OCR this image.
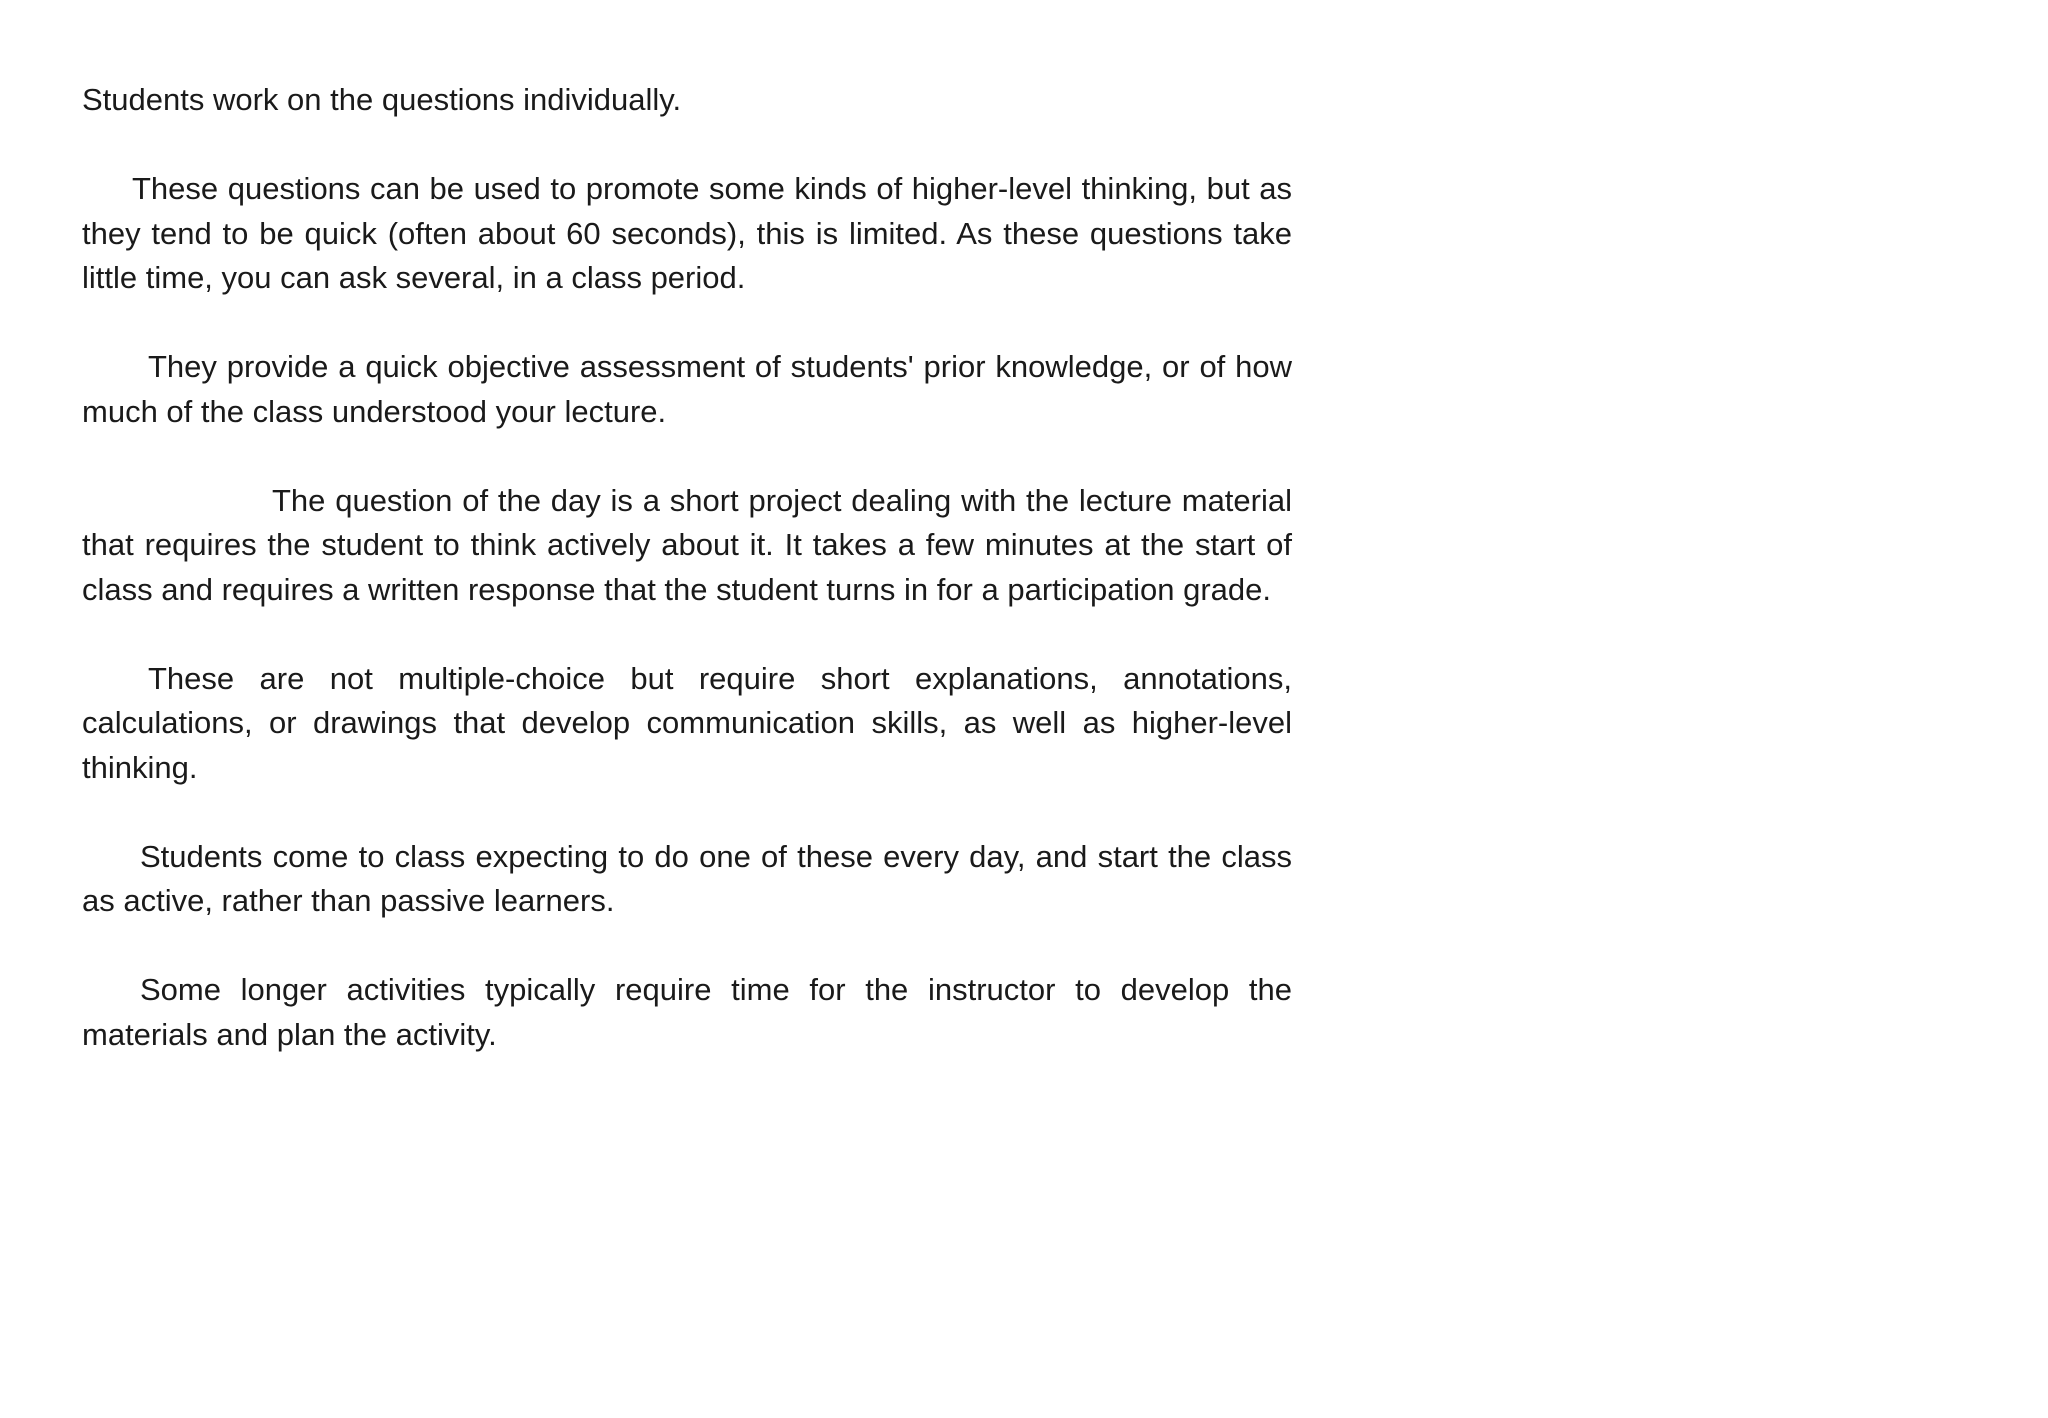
Students work on the questions individually.

These questions can be used to promote some kinds of higher-level thinking, but as they tend to be quick (often about 60 seconds), this is limited. As these questions take little time, you can ask several, in a class period.

They provide a quick objective assessment of students' prior knowledge, or of how much of the class understood your lecture.

The question of the day is a short project dealing with the lecture material that requires the student to think actively about it. It takes a few minutes at the start of class and requires a written response that the student turns in for a participation grade.

These are not multiple-choice but require short explanations, annotations, calculations, or drawings that develop communication skills, as well as higher-level thinking.

Students come to class expecting to do one of these every day, and start the class as active, rather than passive learners.

Some longer activities typically require time for the instructor to develop the materials and plan the activity.
